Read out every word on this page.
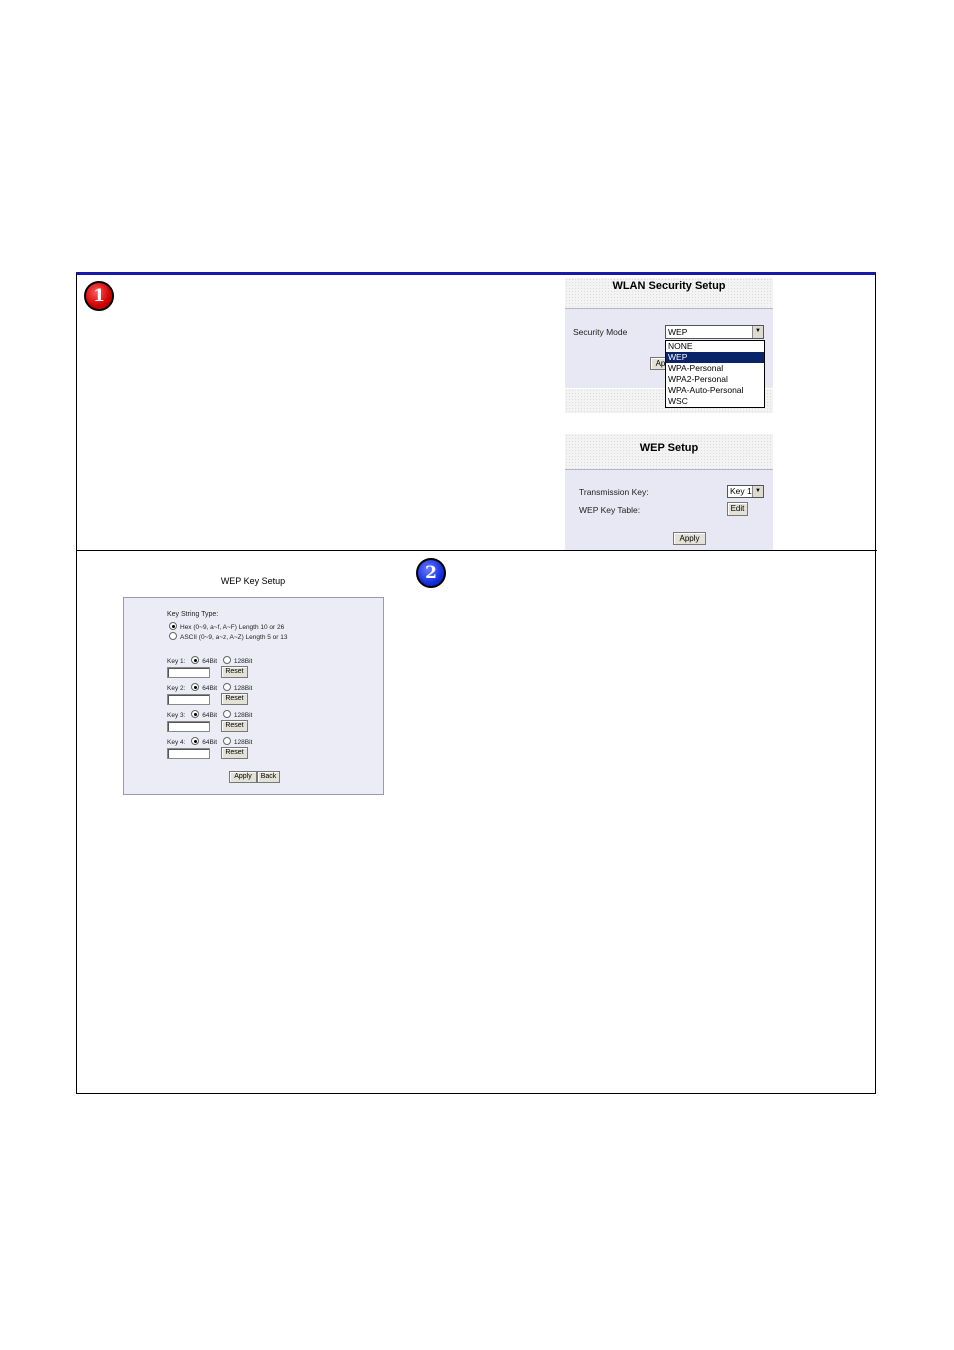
1
2
WLAN Security Setup
Security Mode	WEP	▼
Ap
NONE
WEP
WPA-Personal
WPA2-Personal
WPA-Auto-Personal
WSC
WEP Setup
Transmission Key:	Key 1 ▼
WEP Key Table:	Edit
Apply
WEP Key Setup
Key String Type:
Hex (0~9, a~f, A~F) Length 10 or 26
ASCII (0~9, a~z, A~Z) Length 5 or 13
Key 1:	64Bit	128Bit
Reset
Key 2:	64Bit	128Bit
Reset
Key 3:	64Bit	128Bit
Reset
Key 4:	64Bit	128Bit
Reset
Apply	Back
